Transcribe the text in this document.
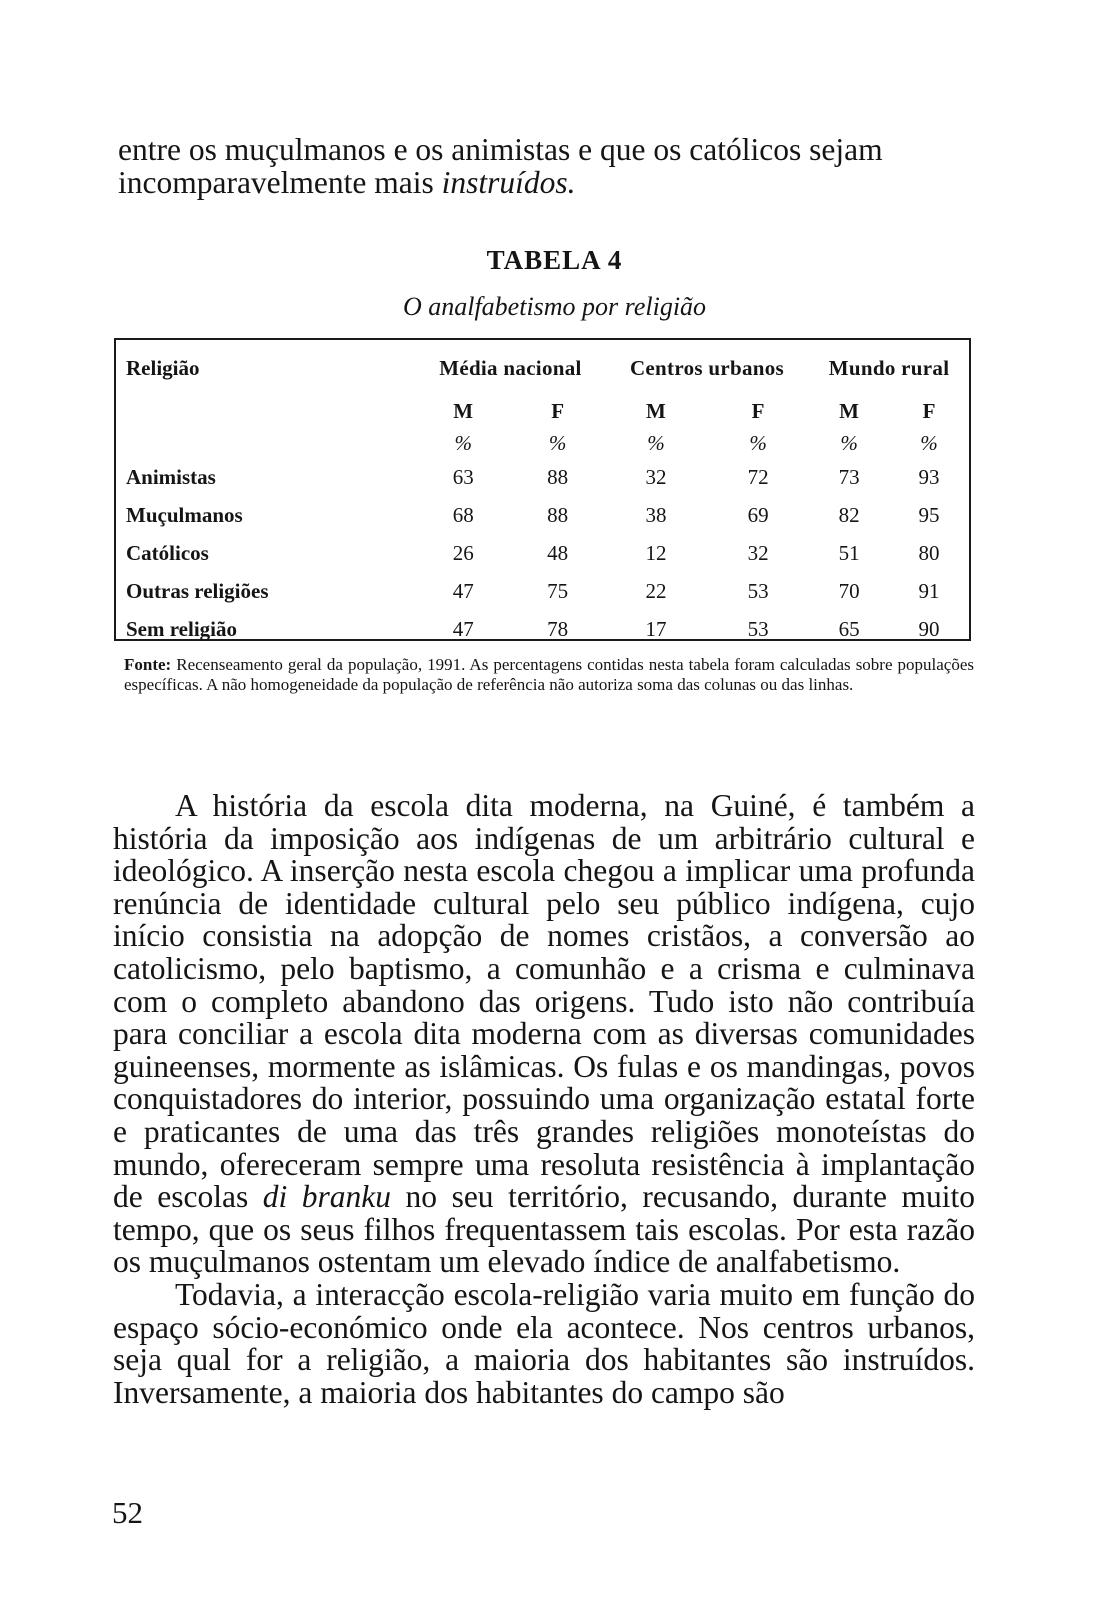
entre os muçulmanos e os animistas e que os católicos sejam incomparavelmente mais instruídos.

TABELA 4
O analfabetismo por religião
Religião	Média nacional		Centros urbanos		Mundo rural	
	M	F	M	F	M	F
	%	%	%	%	%	%
Animistas	63	88	32	72	73	93
Muçulmanos	68	88	38	69	82	95
Católicos	26	48	12	32	51	80
Outras religiões	47	75	22	53	70	91
Sem religião	47	78	17	53	65	90

Fonte: Recenseamento geral da população, 1991. As percentagens contidas nesta tabela foram calculadas sobre populações específicas. A não homogeneidade da população de referência não autoriza soma das colunas ou das linhas.

A história da escola dita moderna, na Guiné, é também a história da imposição aos indígenas de um arbitrário cultural e ideológico. A inserção nesta escola chegou a implicar uma profunda renúncia de identidade cultural pelo seu público indígena, cujo início consistia na adopção de nomes cristãos, a conversão ao catolicismo, pelo baptismo, a comunhão e a crisma e culminava com o completo abandono das origens. Tudo isto não contribuía para conciliar a escola dita moderna com as diversas comunidades guineenses, mormente as islâmicas. Os fulas e os mandingas, povos conquistadores do interior, possuindo uma organização estatal forte e praticantes de uma das três grandes religiões monoteístas do mundo, ofereceram sempre uma resoluta resistência à implantação de escolas di branku no seu território, recusando, durante muito tempo, que os seus filhos frequentassem tais escolas. Por esta razão os muçulmanos ostentam um elevado índice de analfabetismo.

Todavia, a interacção escola-religião varia muito em função do espaço sócio-económico onde ela acontece. Nos centros urbanos, seja qual for a religião, a maioria dos habitantes são instruídos. Inversamente, a maioria dos habitantes do campo são

52
